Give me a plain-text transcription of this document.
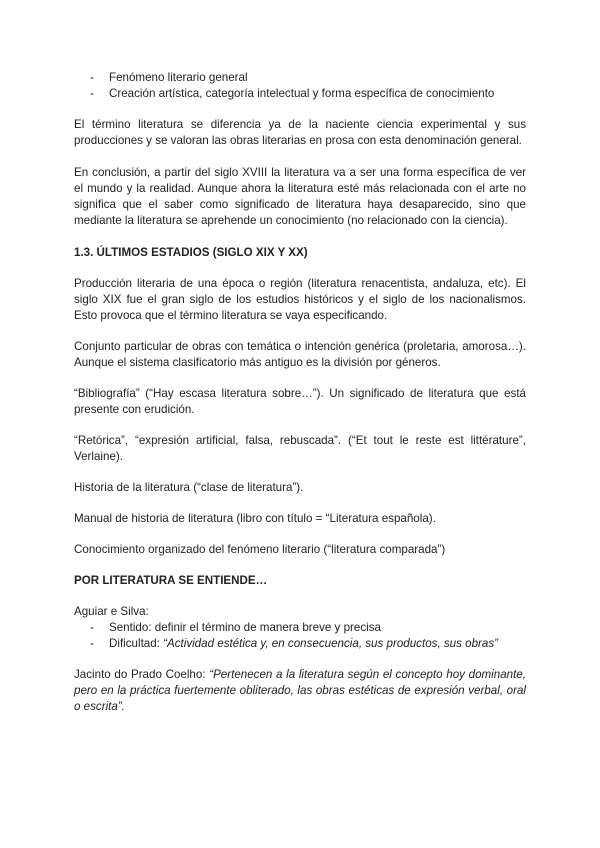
- Fenómeno literario general
- Creación artística, categoría intelectual y forma específica de conocimiento

El término literatura se diferencia ya de la naciente ciencia experimental y sus producciones y se valoran las obras literarias en prosa con esta denominación general.

En conclusión, a partir del siglo XVIII la literatura va a ser una forma específica de ver el mundo y la realidad. Aunque ahora la literatura esté más relacionada con el arte no significa que el saber como significado de literatura haya desaparecido, sino que mediante la literatura se aprehende un conocimiento (no relacionado con la ciencia).

1.3. ÚLTIMOS ESTADIOS (SIGLO XIX Y XX)

Producción literaria de una época o región (literatura renacentista, andaluza, etc). El siglo XIX fue el gran siglo de los estudios históricos y el siglo de los nacionalismos. Esto provoca que el término literatura se vaya especificando.

Conjunto particular de obras con temática o intención genérica (proletaria, amorosa…). Aunque el sistema clasificatorio más antiguo es la división por géneros.

“Bibliografía” (“Hay escasa literatura sobre…”). Un significado de literatura que está presente con erudición.

“Retórica”, “expresión artificial, falsa, rebuscada”. (“Et tout le reste est littérature”, Verlaine).

Historia de la literatura (“clase de literatura”).

Manual de historia de literatura (libro con título = “Literatura española).

Conocimiento organizado del fenómeno literario (“literatura comparada”)

POR LITERATURA SE ENTIENDE…

Aguiar e Silva:

- Sentido: definir el término de manera breve y precisa
- Dificultad: “Actividad estética y, en consecuencia, sus productos, sus obras”

Jacinto do Prado Coelho: “Pertenecen a la literatura según el concepto hoy dominante, pero en la práctica fuertemente obliterado, las obras estéticas de expresión verbal, oral o escrita”.
